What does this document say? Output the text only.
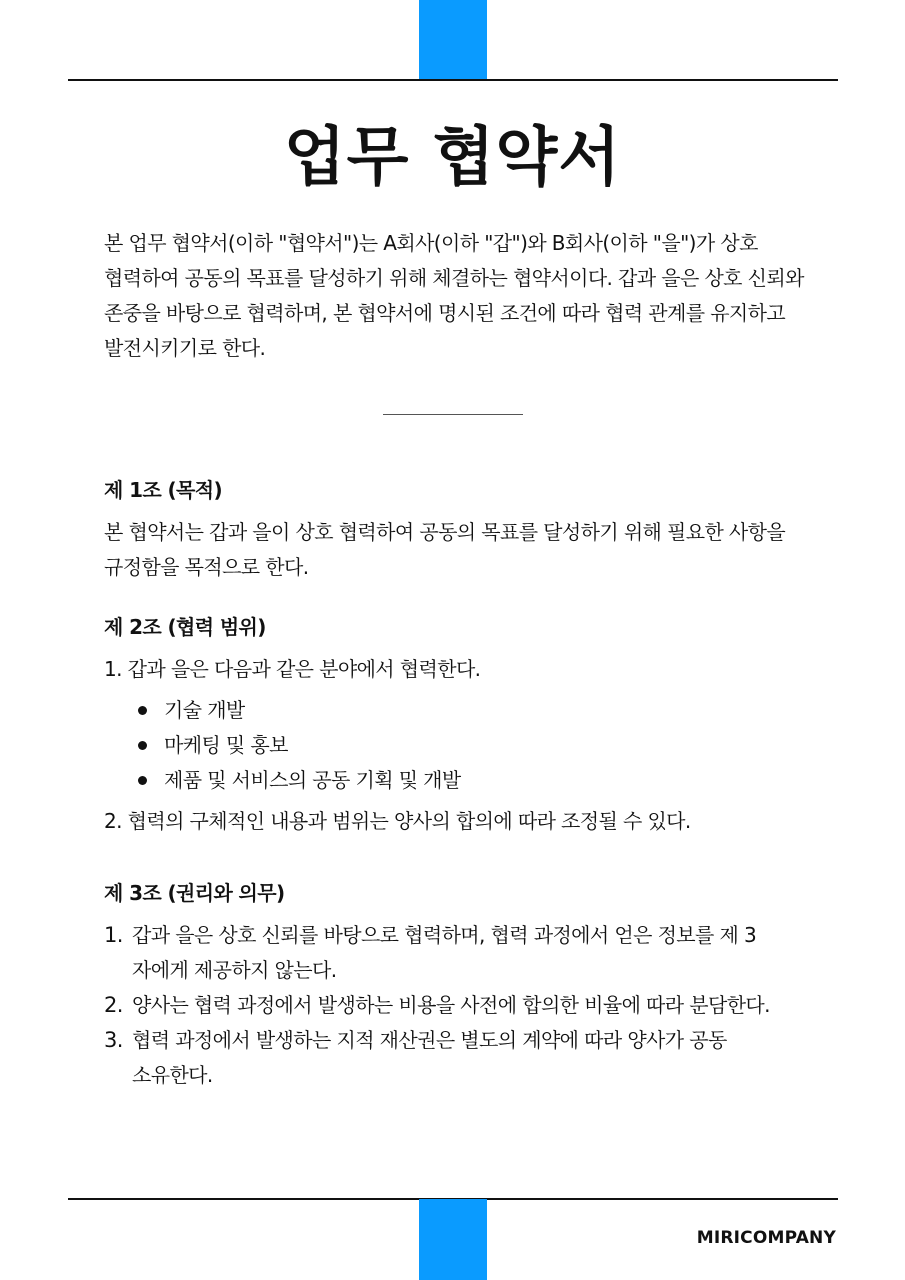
업무 협약서

본 업무 협약서(이하 "협약서")는 A회사(이하 "갑")와 B회사(이하 "을")가 상호 협력하여 공동의 목표를 달성하기 위해 체결하는 협약서이다. 갑과 을은 상호 신뢰와 존중을 바탕으로 협력하며, 본 협약서에 명시된 조건에 따라 협력 관계를 유지하고 발전시키기로 한다.

제 1조 (목적)

본 협약서는 갑과 을이 상호 협력하여 공동의 목표를 달성하기 위해 필요한 사항을 규정함을 목적으로 한다.

제 2조 (협력 범위)

1. 갑과 을은 다음과 같은 분야에서 협력한다.

기술 개발
마케팅 및 홍보
제품 및 서비스의 공동 기획 및 개발

2. 협력의 구체적인 내용과 범위는 양사의 합의에 따라 조정될 수 있다.

제 3조 (권리와 의무)
1. 갑과 을은 상호 신뢰를 바탕으로 협력하며, 협력 과정에서 얻은 정보를 제 3 자에게 제공하지 않는다.
2. 양사는 협력 과정에서 발생하는 비용을 사전에 합의한 비율에 따라 분담한다.
3. 협력 과정에서 발생하는 지적 재산권은 별도의 계약에 따라 양사가 공동 소유한다.

MIRICOMPANY
